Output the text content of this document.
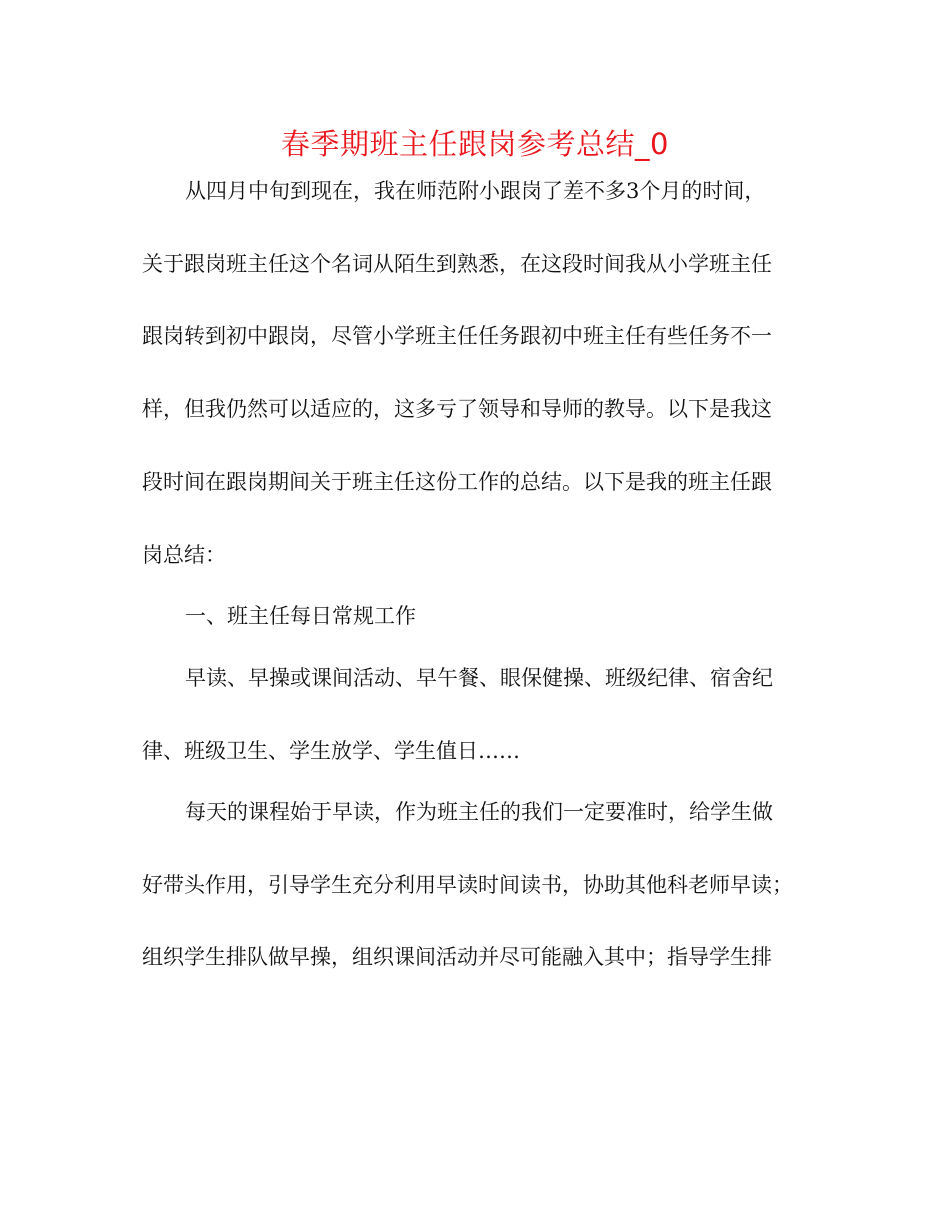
春季期班主任跟岗参考总结_0

从四月中旬到现在，我在师范附小跟岗了差不多3个月的时间，

关于跟岗班主任这个名词从陌生到熟悉，在这段时间我从小学班主任

跟岗转到初中跟岗，尽管小学班主任任务跟初中班主任有些任务不一

样，但我仍然可以适应的，这多亏了领导和导师的教导。以下是我这

段时间在跟岗期间关于班主任这份工作的总结。以下是我的班主任跟

岗总结：

一、班主任每日常规工作

早读、早操或课间活动、早午餐、眼保健操、班级纪律、宿舍纪

律、班级卫生、学生放学、学生值日……

每天的课程始于早读，作为班主任的我们一定要准时，给学生做

好带头作用，引导学生充分利用早读时间读书，协助其他科老师早读；

组织学生排队做早操，组织课间活动并尽可能融入其中；指导学生排
